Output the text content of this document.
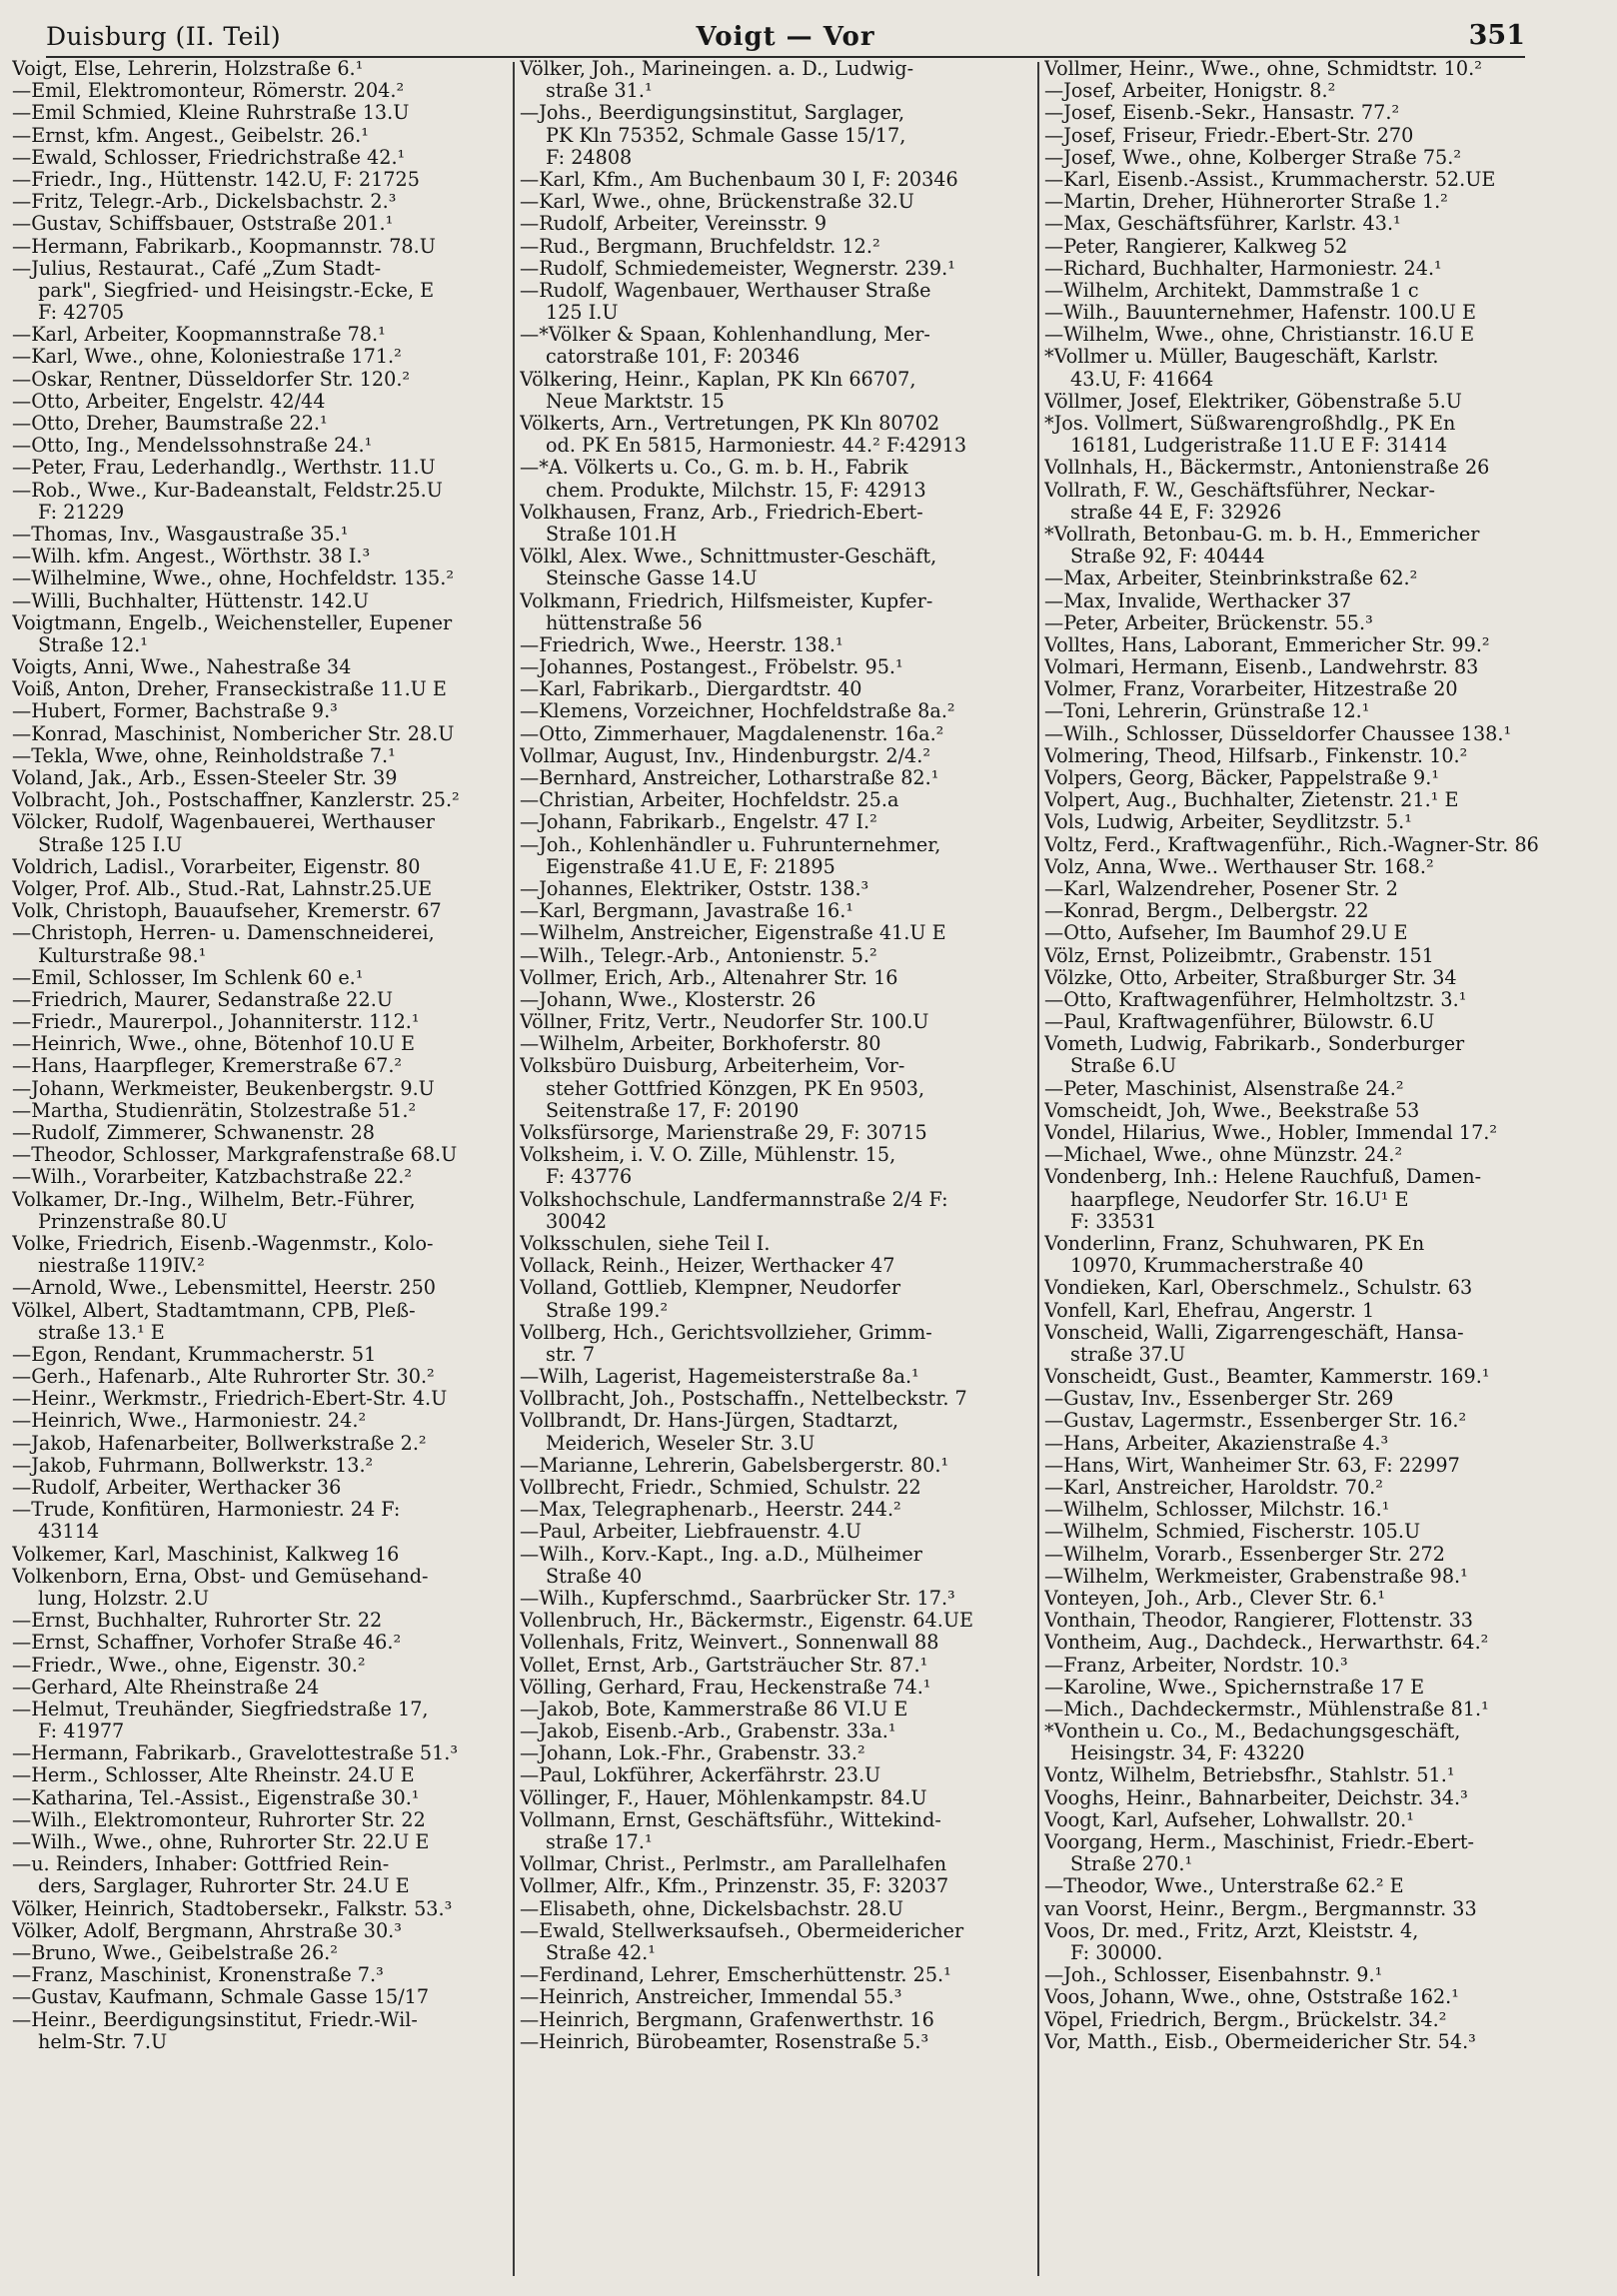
Duisburg (II. Teil)	Voigt — Vor	351
Voigt, Else, Lehrerin, Holzstraße 6.¹
—Emil, Elektromonteur, Römerstr. 204.²
—Emil Schmied, Kleine Ruhrstraße 13.U
—Ernst, kfm. Angest., Geibelstr. 26.¹
—Ewald, Schlosser, Friedrichstraße 42.¹
—Friedr., Ing., Hüttenstr. 142.U, F: 21725
—Fritz, Telegr.-Arb., Dickelsbachstr. 2.³
—Gustav, Schiffsbauer, Oststraße 201.¹
—Hermann, Fabrikarb., Koopmannstr. 78.U
—Julius, Restaurat., Café „Zum Stadt-
park", Siegfried- und Heisingstr.-Ecke, E
F: 42705
—Karl, Arbeiter, Koopmannstraße 78.¹
—Karl, Wwe., ohne, Koloniestraße 171.²
—Oskar, Rentner, Düsseldorfer Str. 120.²
—Otto, Arbeiter, Engelstr. 42/44
—Otto, Dreher, Baumstraße 22.¹
—Otto, Ing., Mendelssohnstraße 24.¹
—Peter, Frau, Lederhandlg., Werthstr. 11.U
—Rob., Wwe., Kur-Badeanstalt, Feldstr.25.U
F: 21229
—Thomas, Inv., Wasgaustraße 35.¹
—Wilh. kfm. Angest., Wörthstr. 38 I.³
—Wilhelmine, Wwe., ohne, Hochfeldstr. 135.²
—Willi, Buchhalter, Hüttenstr. 142.U
Voigtmann, Engelb., Weichensteller, Eupener
Straße 12.¹
Voigts, Anni, Wwe., Nahestraße 34
Voiß, Anton, Dreher, Franseckistraße 11.U E
—Hubert, Former, Bachstraße 9.³
—Konrad, Maschinist, Nombericher Str. 28.U
—Tekla, Wwe, ohne, Reinholdstraße 7.¹
Voland, Jak., Arb., Essen-Steeler Str. 39
Volbracht, Joh., Postschaffner, Kanzlerstr. 25.²
Völcker, Rudolf, Wagenbauerei, Werthauser
Straße 125 I.U
Voldrich, Ladisl., Vorarbeiter, Eigenstr. 80
Volger, Prof. Alb., Stud.-Rat, Lahnstr.25.UE
Volk, Christoph, Bauaufseher, Kremerstr. 67
—Christoph, Herren- u. Damenschneiderei,
Kulturstraße 98.¹
—Emil, Schlosser, Im Schlenk 60 e.¹
—Friedrich, Maurer, Sedanstraße 22.U
—Friedr., Maurerpol., Johanniterstr. 112.¹
—Heinrich, Wwe., ohne, Bötenhof 10.U E
—Hans, Haarpfleger, Kremerstraße 67.²
—Johann, Werkmeister, Beukenbergstr. 9.U
—Martha, Studienrätin, Stolzestraße 51.²
—Rudolf, Zimmerer, Schwanenstr. 28
—Theodor, Schlosser, Markgrafenstraße 68.U
—Wilh., Vorarbeiter, Katzbachstraße 22.²
Volkamer, Dr.-Ing., Wilhelm, Betr.-Führer,
Prinzenstraße 80.U
Volke, Friedrich, Eisenb.-Wagenmstr., Kolo-
niestraße 119IV.²
—Arnold, Wwe., Lebensmittel, Heerstr. 250
Völkel, Albert, Stadtamtmann, CPB, Pleß-
straße 13.¹ E
—Egon, Rendant, Krummacherstr. 51
—Gerh., Hafenarb., Alte Ruhrorter Str. 30.²
—Heinr., Werkmstr., Friedrich-Ebert-Str. 4.U
—Heinrich, Wwe., Harmoniestr. 24.²
—Jakob, Hafenarbeiter, Bollwerkstraße 2.²
—Jakob, Fuhrmann, Bollwerkstr. 13.²
—Rudolf, Arbeiter, Werthacker 36
—Trude, Konfitüren, Harmoniestr. 24 F:
43114
Volkemer, Karl, Maschinist, Kalkweg 16
Volkenborn, Erna, Obst- und Gemüsehand-
lung, Holzstr. 2.U
—Ernst, Buchhalter, Ruhrorter Str. 22
—Ernst, Schaffner, Vorhofer Straße 46.²
—Friedr., Wwe., ohne, Eigenstr. 30.²
—Gerhard, Alte Rheinstraße 24
—Helmut, Treuhänder, Siegfriedstraße 17,
F: 41977
—Hermann, Fabrikarb., Gravelottestraße 51.³
—Herm., Schlosser, Alte Rheinstr. 24.U E
—Katharina, Tel.-Assist., Eigenstraße 30.¹
—Wilh., Elektromonteur, Ruhrorter Str. 22
—Wilh., Wwe., ohne, Ruhrorter Str. 22.U E
—u. Reinders, Inhaber: Gottfried Rein-
ders, Sarglager, Ruhrorter Str. 24.U E
Völker, Heinrich, Stadtobersekr., Falkstr. 53.³
Völker, Adolf, Bergmann, Ahrstraße 30.³
—Bruno, Wwe., Geibelstraße 26.²
—Franz, Maschinist, Kronenstraße 7.³
—Gustav, Kaufmann, Schmale Gasse 15/17
—Heinr., Beerdigungsinstitut, Friedr.-Wil-
helm-Str. 7.U
Völker, Joh., Marineingen. a. D., Ludwig-
straße 31.¹
—Johs., Beerdigungsinstitut, Sarglager,
PK Kln 75352, Schmale Gasse 15/17,
F: 24808
—Karl, Kfm., Am Buchenbaum 30 I, F: 20346
—Karl, Wwe., ohne, Brückenstraße 32.U
—Rudolf, Arbeiter, Vereinsstr. 9
—Rud., Bergmann, Bruchfeldstr. 12.²
—Rudolf, Schmiedemeister, Wegnerstr. 239.¹
—Rudolf, Wagenbauer, Werthauser Straße
125 I.U
—*Völker & Spaan, Kohlenhandlung, Mer-
catorstraße 101, F: 20346
Völkering, Heinr., Kaplan, PK Kln 66707,
Neue Marktstr. 15
Völkerts, Arn., Vertretungen, PK Kln 80702
od. PK En 5815, Harmoniestr. 44.² F:42913
—*A. Völkerts u. Co., G. m. b. H., Fabrik
chem. Produkte, Milchstr. 15, F: 42913
Volkhausen, Franz, Arb., Friedrich-Ebert-
Straße 101.H
Völkl, Alex. Wwe., Schnittmuster-Geschäft,
Steinsche Gasse 14.U
Volkmann, Friedrich, Hilfsmeister, Kupfer-
hüttenstraße 56
—Friedrich, Wwe., Heerstr. 138.¹
—Johannes, Postangest., Fröbelstr. 95.¹
—Karl, Fabrikarb., Diergardtstr. 40
—Klemens, Vorzeichner, Hochfeldstraße 8a.²
—Otto, Zimmerhauer, Magdalenenstr. 16a.²
Vollmar, August, Inv., Hindenburgstr. 2/4.²
—Bernhard, Anstreicher, Lotharstraße 82.¹
—Christian, Arbeiter, Hochfeldstr. 25.a
—Johann, Fabrikarb., Engelstr. 47 I.²
—Joh., Kohlenhändler u. Fuhrunternehmer,
Eigenstraße 41.U E, F: 21895
—Johannes, Elektriker, Oststr. 138.³
—Karl, Bergmann, Javastraße 16.¹
—Wilhelm, Anstreicher, Eigenstraße 41.U E
—Wilh., Telegr.-Arb., Antonienstr. 5.²
Vollmer, Erich, Arb., Altenahrer Str. 16
—Johann, Wwe., Klosterstr. 26
Völlner, Fritz, Vertr., Neudorfer Str. 100.U
—Wilhelm, Arbeiter, Borkhoferstr. 80
Volksbüro Duisburg, Arbeiterheim, Vor-
steher Gottfried Könzgen, PK En 9503,
Seitenstraße 17, F: 20190
Volksfürsorge, Marienstraße 29, F: 30715
Volksheim, i. V. O. Zille, Mühlenstr. 15,
F: 43776
Volkshochschule, Landfermannstraße 2/4 F:
30042
Volksschulen, siehe Teil I.
Vollack, Reinh., Heizer, Werthacker 47
Volland, Gottlieb, Klempner, Neudorfer
Straße 199.²
Vollberg, Hch., Gerichtsvollzieher, Grimm-
str. 7
—Wilh, Lagerist, Hagemeisterstraße 8a.¹
Vollbracht, Joh., Postschaffn., Nettelbeckstr. 7
Vollbrandt, Dr. Hans-Jürgen, Stadtarzt,
Meiderich, Weseler Str. 3.U
—Marianne, Lehrerin, Gabelsbergerstr. 80.¹
Vollbrecht, Friedr., Schmied, Schulstr. 22
—Max, Telegraphenarb., Heerstr. 244.²
—Paul, Arbeiter, Liebfrauenstr. 4.U
—Wilh., Korv.-Kapt., Ing. a.D., Mülheimer
Straße 40
—Wilh., Kupferschmd., Saarbrücker Str. 17.³
Vollenbruch, Hr., Bäckermstr., Eigenstr. 64.UE
Vollenhals, Fritz, Weinvert., Sonnenwall 88
Vollet, Ernst, Arb., Gartsträucher Str. 87.¹
Völling, Gerhard, Frau, Heckenstraße 74.¹
—Jakob, Bote, Kammerstraße 86 VI.U E
—Jakob, Eisenb.-Arb., Grabenstr. 33a.¹
—Johann, Lok.-Fhr., Grabenstr. 33.²
—Paul, Lokführer, Ackerfährstr. 23.U
Völlinger, F., Hauer, Möhlenkampstr. 84.U
Vollmann, Ernst, Geschäftsführ., Wittekind-
straße 17.¹
Vollmar, Christ., Perlmstr., am Parallelhafen
Vollmer, Alfr., Kfm., Prinzenstr. 35, F: 32037
—Elisabeth, ohne, Dickelsbachstr. 28.U
—Ewald, Stellwerksaufseh., Obermeidericher
Straße 42.¹
—Ferdinand, Lehrer, Emscherhüttenstr. 25.¹
—Heinrich, Anstreicher, Immendal 55.³
—Heinrich, Bergmann, Grafenwerthstr. 16
—Heinrich, Bürobeamter, Rosenstraße 5.³
Vollmer, Heinr., Wwe., ohne, Schmidtstr. 10.²
—Josef, Arbeiter, Honigstr. 8.²
—Josef, Eisenb.-Sekr., Hansastr. 77.²
—Josef, Friseur, Friedr.-Ebert-Str. 270
—Josef, Wwe., ohne, Kolberger Straße 75.²
—Karl, Eisenb.-Assist., Krummacherstr. 52.UE
—Martin, Dreher, Hühnerorter Straße 1.²
—Max, Geschäftsführer, Karlstr. 43.¹
—Peter, Rangierer, Kalkweg 52
—Richard, Buchhalter, Harmoniestr. 24.¹
—Wilhelm, Architekt, Dammstraße 1 c
—Wilh., Bauunternehmer, Hafenstr. 100.U E
—Wilhelm, Wwe., ohne, Christianstr. 16.U E
*Vollmer u. Müller, Baugeschäft, Karlstr.
43.U, F: 41664
Völlmer, Josef, Elektriker, Göbenstraße 5.U
*Jos. Vollmert, Süßwarengroßhdlg., PK En
16181, Ludgeristraße 11.U E F: 31414
Vollnhals, H., Bäckermstr., Antonienstraße 26
Vollrath, F. W., Geschäftsführer, Neckar-
straße 44 E, F: 32926
*Vollrath, Betonbau-G. m. b. H., Emmericher
Straße 92, F: 40444
—Max, Arbeiter, Steinbrinkstraße 62.²
—Max, Invalide, Werthacker 37
—Peter, Arbeiter, Brückenstr. 55.³
Volltes, Hans, Laborant, Emmericher Str. 99.²
Volmari, Hermann, Eisenb., Landwehrstr. 83
Volmer, Franz, Vorarbeiter, Hitzestraße 20
—Toni, Lehrerin, Grünstraße 12.¹
—Wilh., Schlosser, Düsseldorfer Chaussee 138.¹
Volmering, Theod, Hilfsarb., Finkenstr. 10.²
Volpers, Georg, Bäcker, Pappelstraße 9.¹
Volpert, Aug., Buchhalter, Zietenstr. 21.¹ E
Vols, Ludwig, Arbeiter, Seydlitzstr. 5.¹
Voltz, Ferd., Kraftwagenführ., Rich.-Wagner-Str. 86
Volz, Anna, Wwe.. Werthauser Str. 168.²
—Karl, Walzendreher, Posener Str. 2
—Konrad, Bergm., Delbergstr. 22
—Otto, Aufseher, Im Baumhof 29.U E
Völz, Ernst, Polizeibmtr., Grabenstr. 151
Völzke, Otto, Arbeiter, Straßburger Str. 34
—Otto, Kraftwagenführer, Helmholtzstr. 3.¹
—Paul, Kraftwagenführer, Bülowstr. 6.U
Vometh, Ludwig, Fabrikarb., Sonderburger
Straße 6.U
—Peter, Maschinist, Alsenstraße 24.²
Vomscheidt, Joh, Wwe., Beekstraße 53
Vondel, Hilarius, Wwe., Hobler, Immendal 17.²
—Michael, Wwe., ohne Münzstr. 24.²
Vondenberg, Inh.: Helene Rauchfuß, Damen-
haarpflege, Neudorfer Str. 16.U¹ E
F: 33531
Vonderlinn, Franz, Schuhwaren, PK En
10970, Krummacherstraße 40
Vondieken, Karl, Oberschmelz., Schulstr. 63
Vonfell, Karl, Ehefrau, Angerstr. 1
Vonscheid, Walli, Zigarrengeschäft, Hansa-
straße 37.U
Vonscheidt, Gust., Beamter, Kammerstr. 169.¹
—Gustav, Inv., Essenberger Str. 269
—Gustav, Lagermstr., Essenberger Str. 16.²
—Hans, Arbeiter, Akazienstraße 4.³
—Hans, Wirt, Wanheimer Str. 63, F: 22997
—Karl, Anstreicher, Haroldstr. 70.²
—Wilhelm, Schlosser, Milchstr. 16.¹
—Wilhelm, Schmied, Fischerstr. 105.U
—Wilhelm, Vorarb., Essenberger Str. 272
—Wilhelm, Werkmeister, Grabenstraße 98.¹
Vonteyen, Joh., Arb., Clever Str. 6.¹
Vonthain, Theodor, Rangierer, Flottenstr. 33
Vontheim, Aug., Dachdeck., Herwarthstr. 64.²
—Franz, Arbeiter, Nordstr. 10.³
—Karoline, Wwe., Spichernstraße 17 E
—Mich., Dachdeckermstr., Mühlenstraße 81.¹
*Vonthein u. Co., M., Bedachungsgeschäft,
Heisingstr. 34, F: 43220
Vontz, Wilhelm, Betriebsfhr., Stahlstr. 51.¹
Vooghs, Heinr., Bahnarbeiter, Deichstr. 34.³
Voogt, Karl, Aufseher, Lohwallstr. 20.¹
Voorgang, Herm., Maschinist, Friedr.-Ebert-
Straße 270.¹
—Theodor, Wwe., Unterstraße 62.² E
van Voorst, Heinr., Bergm., Bergmannstr. 33
Voos, Dr. med., Fritz, Arzt, Kleiststr. 4,
F: 30000.
—Joh., Schlosser, Eisenbahnstr. 9.¹
Voos, Johann, Wwe., ohne, Oststraße 162.¹
Vöpel, Friedrich, Bergm., Brückelstr. 34.²
Vor, Matth., Eisb., Obermeidericher Str. 54.³
